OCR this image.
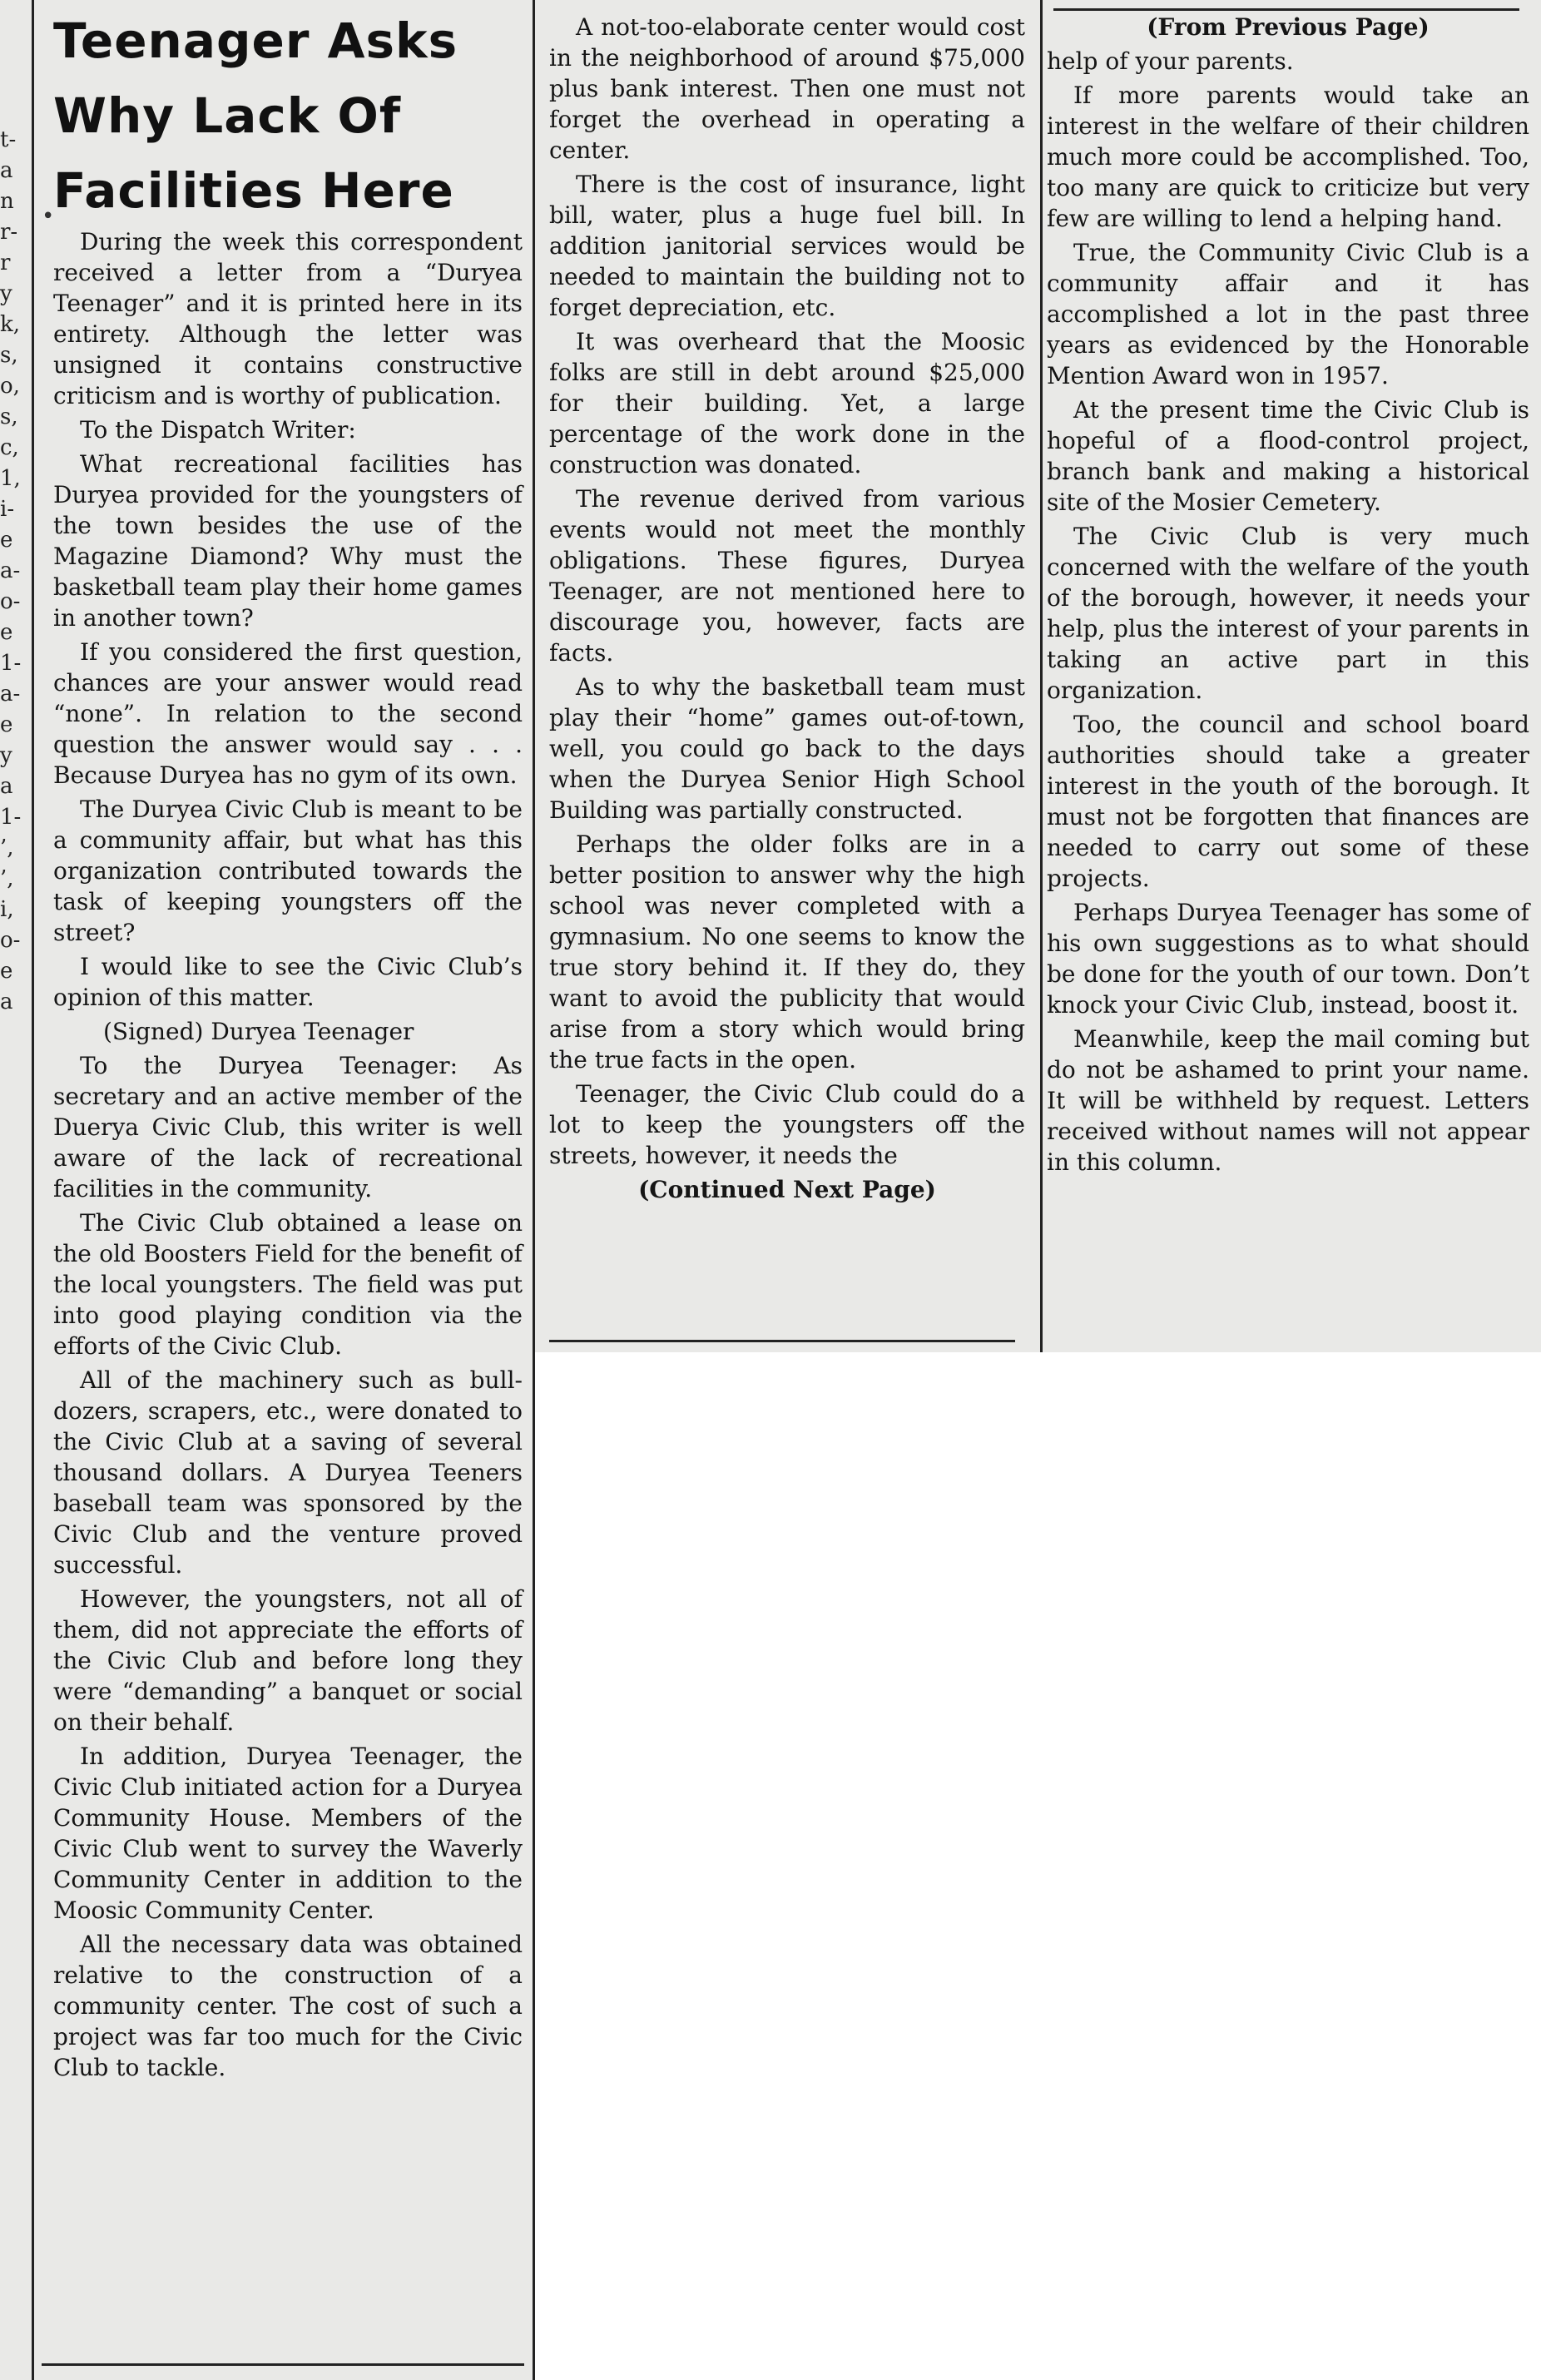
t-
a
n
r-
r
y
k,
s,
o,
s,
c,
1,
i-
e
a-
o-
e
1-
a-
e
y
a
1-
’,
’,
i,
o-
e
a
•
Teenager Asks
Why Lack Of
Facilities Here

During the week this correspondent received a letter from a “Duryea Teenager” and it is printed here in its entirety. Although the letter was unsigned it contains constructive criticism and is worthy of publication.

To the Dispatch Writer:

What recreational facilities has Duryea provided for the youngsters of the town besides the use of the Magazine Diamond? Why must the basketball team play their home games in another town?

If you considered the first question, chances are your answer would read “none”. In relation to the second question the answer would say . . . Because Duryea has no gym of its own.

The Duryea Civic Club is meant to be a community affair, but what has this organization contributed towards the task of keeping youngsters off the street?

I would like to see the Civic Club’s opinion of this matter.

(Signed) Duryea Teenager

To the Duryea Teenager: As secretary and an active member of the Duerya Civic Club, this writer is well aware of the lack of recreational facilities in the community.

The Civic Club obtained a lease on the old Boosters Field for the benefit of the local youngsters. The field was put into good playing condition via the efforts of the Civic Club.

All of the machinery such as bull-dozers, scrapers, etc., were donated to the Civic Club at a saving of several thousand dollars. A Duryea Teeners baseball team was sponsored by the Civic Club and the venture proved successful.

However, the youngsters, not all of them, did not appreciate the efforts of the Civic Club and before long they were “demanding” a banquet or social on their behalf.

In addition, Duryea Teenager, the Civic Club initiated action for a Duryea Community House. Members of the Civic Club went to survey the Waverly Community Center in addition to the Moosic Community Center.

All the necessary data was obtained relative to the construction of a community center. The cost of such a project was far too much for the Civic Club to tackle.

A not-too-elaborate center would cost in the neighborhood of around $75,000 plus bank interest. Then one must not forget the overhead in operating a center.

There is the cost of insurance, light bill, water, plus a huge fuel bill. In addition janitorial services would be needed to maintain the building not to forget depreciation, etc.

It was overheard that the Moosic folks are still in debt around $25,000 for their building. Yet, a large percentage of the work done in the construction was donated.

The revenue derived from various events would not meet the monthly obligations. These figures, Duryea Teenager, are not mentioned here to discourage you, however, facts are facts.

As to why the basketball team must play their “home” games out-of-town, well, you could go back to the days when the Duryea Senior High School Building was partially constructed.

Perhaps the older folks are in a better position to answer why the high school was never completed with a gymnasium. No one seems to know the true story behind it. If they do, they want to avoid the publicity that would arise from a story which would bring the true facts in the open.

Teenager, the Civic Club could do a lot to keep the youngsters off the streets, however, it needs the

(Continued Next Page)

(From Previous Page)

help of your parents.

If more parents would take an interest in the welfare of their children much more could be accomplished. Too, too many are quick to criticize but very few are willing to lend a helping hand.

True, the Community Civic Club is a community affair and it has accomplished a lot in the past three years as evidenced by the Honorable Mention Award won in 1957.

At the present time the Civic Club is hopeful of a flood-control project, branch bank and making a historical site of the Mosier Cemetery.

The Civic Club is very much concerned with the welfare of the youth of the borough, however, it needs your help, plus the interest of your parents in taking an active part in this organization.

Too, the council and school board authorities should take a greater interest in the youth of the borough. It must not be forgotten that finances are needed to carry out some of these projects.

Perhaps Duryea Teenager has some of his own suggestions as to what should be done for the youth of our town. Don’t knock your Civic Club, instead, boost it.

Meanwhile, keep the mail coming but do not be ashamed to print your name. It will be withheld by request. Letters received without names will not appear in this column.
